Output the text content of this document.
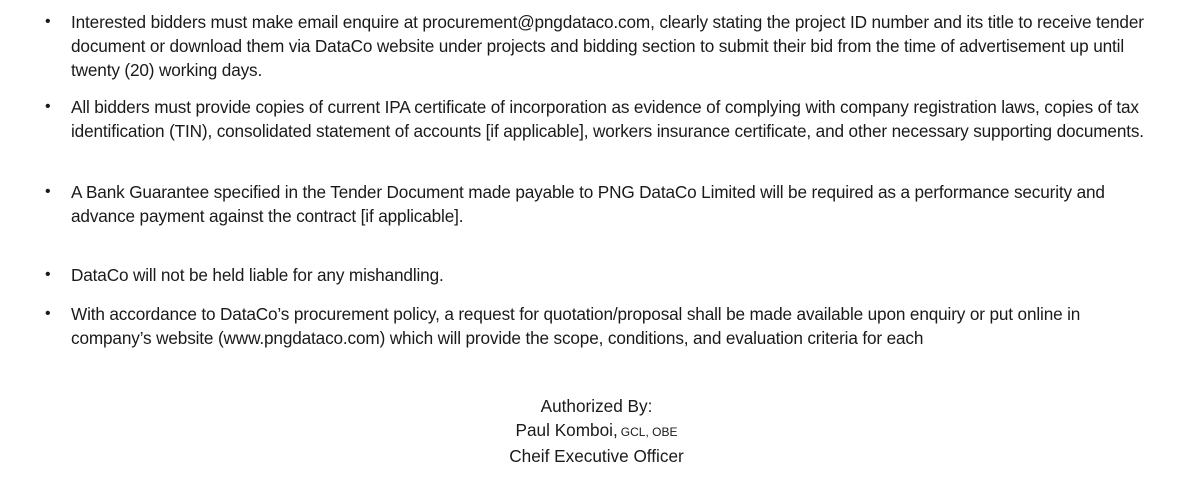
• Interested bidders must make email enquire at procurement@pngdataco.com, clearly stating the project ID number and its title to receive tender document or download them via DataCo website under projects and bidding section to submit their bid from the time of advertisement up until twenty (20) working days.
• All bidders must provide copies of current IPA certificate of incorporation as evidence of complying with company registration laws, copies of tax identification (TIN), consolidated statement of accounts [if applicable], workers insurance certificate, and other necessary supporting documents.
• A Bank Guarantee specified in the Tender Document made payable to PNG DataCo Limited will be required as a performance security and advance payment against the contract [if applicable].
• DataCo will not be held liable for any mishandling.
• With accordance to DataCo’s procurement policy, a request for quotation/proposal shall be made available upon enquiry or put online in company’s website (www.pngdataco.com) which will provide the scope, conditions, and evaluation criteria for each
Authorized By:
Paul Komboi, GCL, OBE
Cheif Executive Officer
